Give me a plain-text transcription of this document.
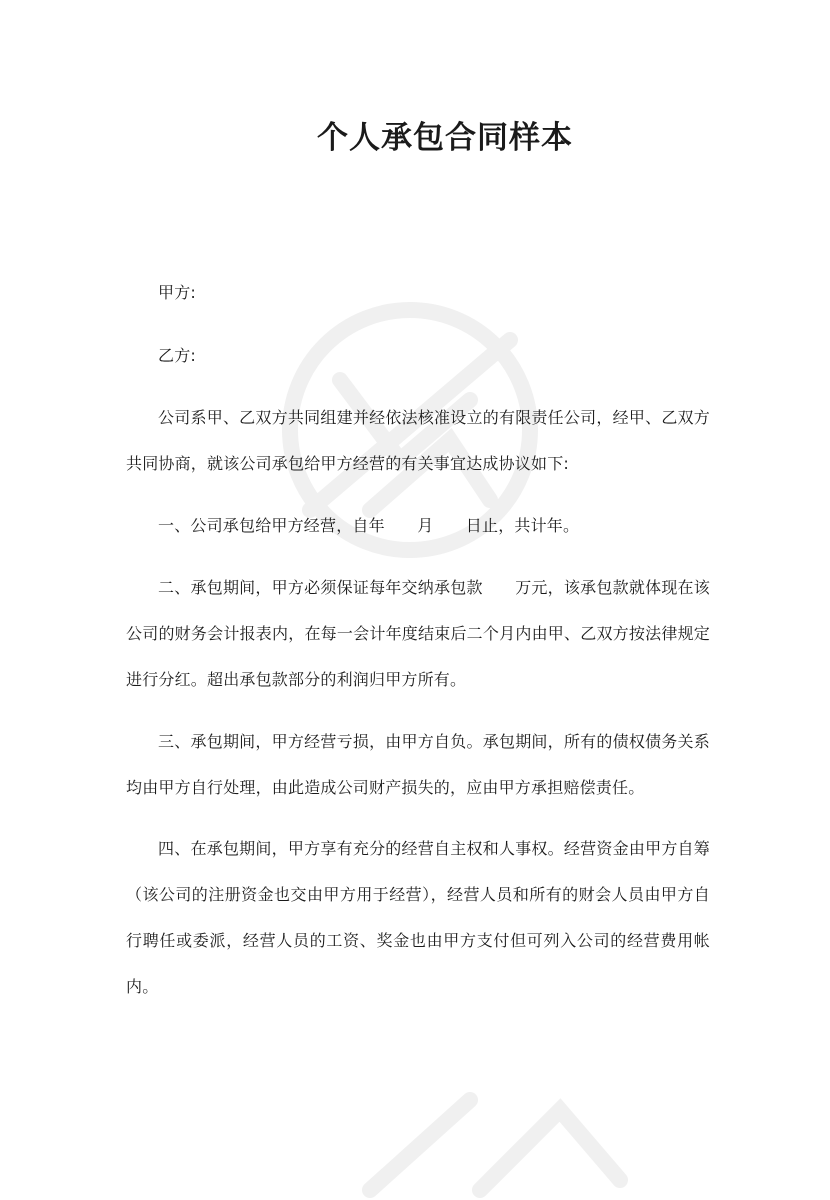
个人承包合同样本
甲方:
乙方:
公司系甲、乙双方共同组建并经依法核准设立的有限责任公司，经甲、乙双方共同协商，就该公司承包给甲方经营的有关事宜达成协议如下:
一、公司承包给甲方经营，自年　　月　　日止，共计年。
二、承包期间，甲方必须保证每年交纳承包款　　万元，该承包款就体现在该公司的财务会计报表内，在每一会计年度结束后二个月内由甲、乙双方按法律规定进行分红。超出承包款部分的利润归甲方所有。
三、承包期间，甲方经营亏损，由甲方自负。承包期间，所有的债权债务关系均由甲方自行处理，由此造成公司财产损失的，应由甲方承担赔偿责任。
四、在承包期间，甲方享有充分的经营自主权和人事权。经营资金由甲方自筹（该公司的注册资金也交由甲方用于经营），经营人员和所有的财会人员由甲方自行聘任或委派，经营人员的工资、奖金也由甲方支付但可列入公司的经营费用帐内。
